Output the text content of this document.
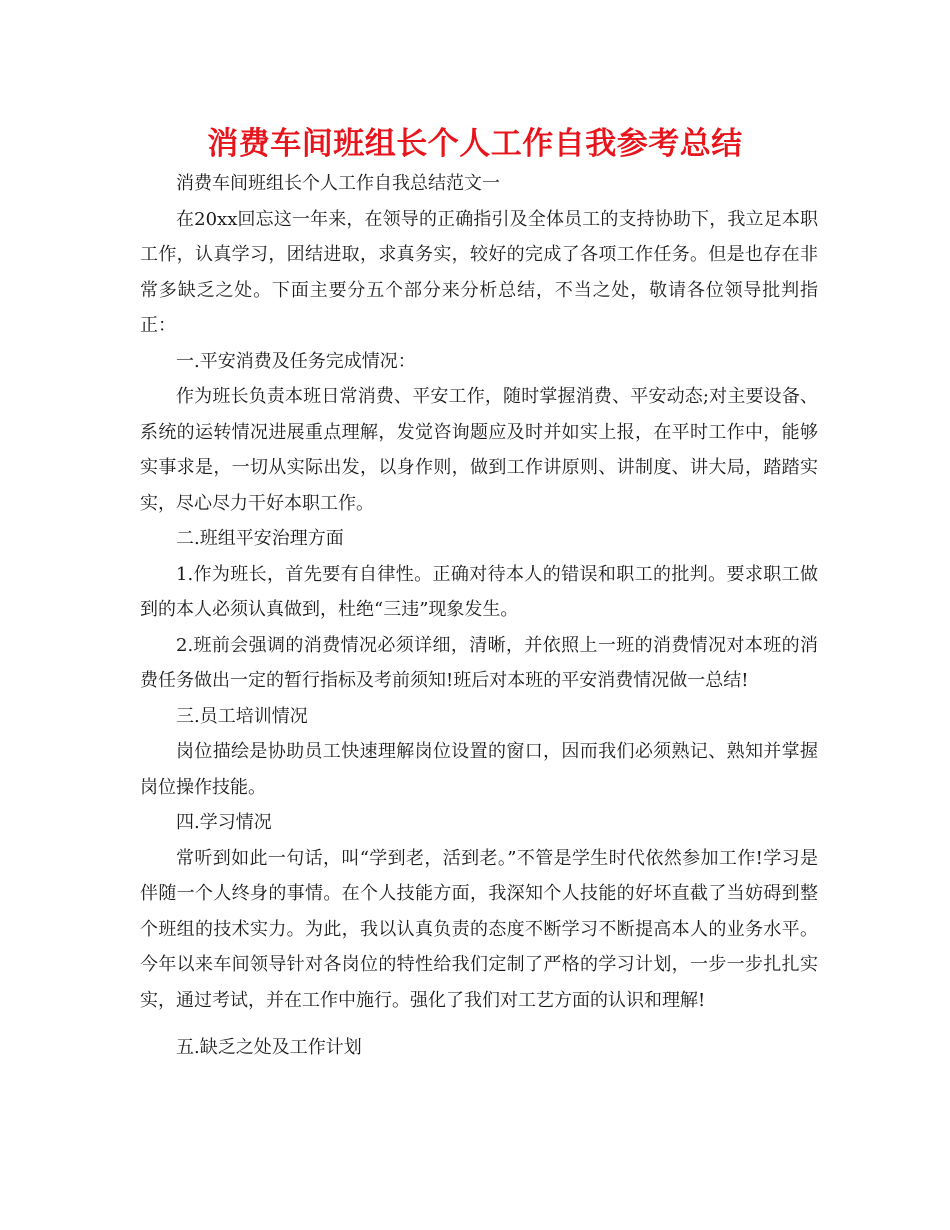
消费车间班组长个人工作自我参考总结

消费车间班组长个人工作自我总结范文一

在20xx回忘这一年来，在领导的正确指引及全体员工的支持协助下，我立足本职工作，认真学习，团结进取，求真务实，较好的完成了各项工作任务。但是也存在非常多缺乏之处。下面主要分五个部分来分析总结，不当之处，敬请各位领导批判指正：

一.平安消费及任务完成情况：

作为班长负责本班日常消费、平安工作，随时掌握消费、平安动态;对主要设备、系统的运转情况进展重点理解，发觉咨询题应及时并如实上报，在平时工作中，能够实事求是，一切从实际出发，以身作则，做到工作讲原则、讲制度、讲大局，踏踏实实，尽心尽力干好本职工作。

二.班组平安治理方面

1.作为班长，首先要有自律性。正确对待本人的错误和职工的批判。要求职工做到的本人必须认真做到，杜绝“三违”现象发生。

2.班前会强调的消费情况必须详细，清晰，并依照上一班的消费情况对本班的消费任务做出一定的暂行指标及考前须知!班后对本班的平安消费情况做一总结!

三.员工培训情况

岗位描绘是协助员工快速理解岗位设置的窗口，因而我们必须熟记、熟知并掌握岗位操作技能。

四.学习情况

常听到如此一句话，叫“学到老，活到老。”不管是学生时代依然参加工作!学习是伴随一个人终身的事情。在个人技能方面，我深知个人技能的好坏直截了当妨碍到整个班组的技术实力。为此，我以认真负责的态度不断学习不断提高本人的业务水平。今年以来车间领导针对各岗位的特性给我们定制了严格的学习计划，一步一步扎扎实实，通过考试，并在工作中施行。强化了我们对工艺方面的认识和理解!

五.缺乏之处及工作计划
